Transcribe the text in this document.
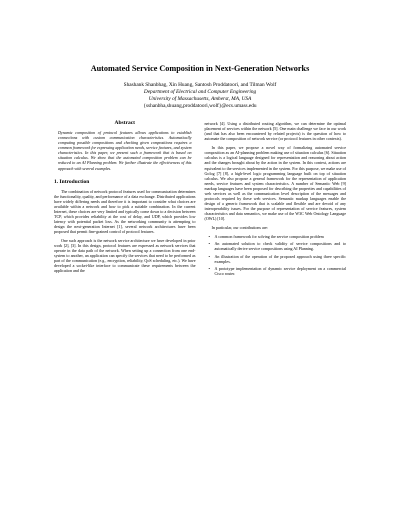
Automated Service Composition in Next-Generation Networks
Shashank Shanbhag, Xin Huang, Santosh Proddatoori, and Tilman Wolf
Department of Electrical and Computer Engineering
University of Massachusetts, Amherst, MA, USA
{sshanbha,shuang,proddatoori,wolf}@ecs.umass.edu
Abstract
Dynamic composition of protocol features allows applications to establish connections with custom communication characteristics. Automatically computing possible compositions and checking given compositions requires a common framework for expressing application needs, service features, and system characteristics. In this paper, we present such a framework that is based on situation calculus. We show that the automated composition problem can be reduced to an AI Planning problem. We further illustrate the effectiveness of this approach with several examples.
1. Introduction

The combination of network protocol features used for communication determines the functionality, quality, and performance of a data exchange. Distributed applications have widely differing needs and therefore it is important to consider what choices are available within a network and how to pick a suitable combination. In the current Internet, these choices are very limited and typically come down to a decision between TCP, which provides reliability at the cost of delay, and UDP, which provides low latency with potential packet loss. As the networking community is attempting to design the next-generation Internet [1], several network architectures have been proposed that permit fine-grained control of protocol features.

One such approach is the network service architecture we have developed in prior work [2], [3]. In this design, protocol features are expressed as network services that operate in the data path of the network. When setting up a connection from one end-system to another, an application can specify the services that need to be performed as part of the communication (e.g., encryption, reliability, QoS scheduling, etc.). We have developed a socket-like interface to communicate these requirements between the application and the

network [4]. Using a distributed routing algorithm, we can determine the optimal placement of services within the network [5]. One main challenge we face in our work (and that has also been encountered by related projects) is the question of how to automate the composition of network service (or protocol features in other contexts).

In this paper, we propose a novel way of formalizing automated service composition as an AI-planning problem making use of situation calculus [6]. Situation calculus is a logical language designed for representation and reasoning about action and the changes brought about by the action in the system. In this context, actions are equivalent to the services implemented in the system. For this purpose, we make use of Golog [7] [8], a high-level logic programming language built on top of situation calculus. We also propose a general framework for the representation of application needs, service features and system characteristics. A number of Semantic Web [9] markup languages have been proposed for describing the properties and capabilities of web services as well as the communication level description of the messages and protocols required by these web services. Semantic markup languages enable the design of a generic framework that is scalable and flexible and are devoid of any interoperability issues. For the purpose of representation of service features, system characteristics and data semantics, we make use of the W3C Web Ontology Language (OWL) [10].

In particular, our contributions are:

• A common framework for solving the service composition problem
• An automated solution to check validity of service compositions and to automatically derive service compositions using AI Planning.
• An illustration of the operation of the proposed approach using three specific examples.
• A prototype implementation of dynamic service deployment on a commercial Cisco router.
